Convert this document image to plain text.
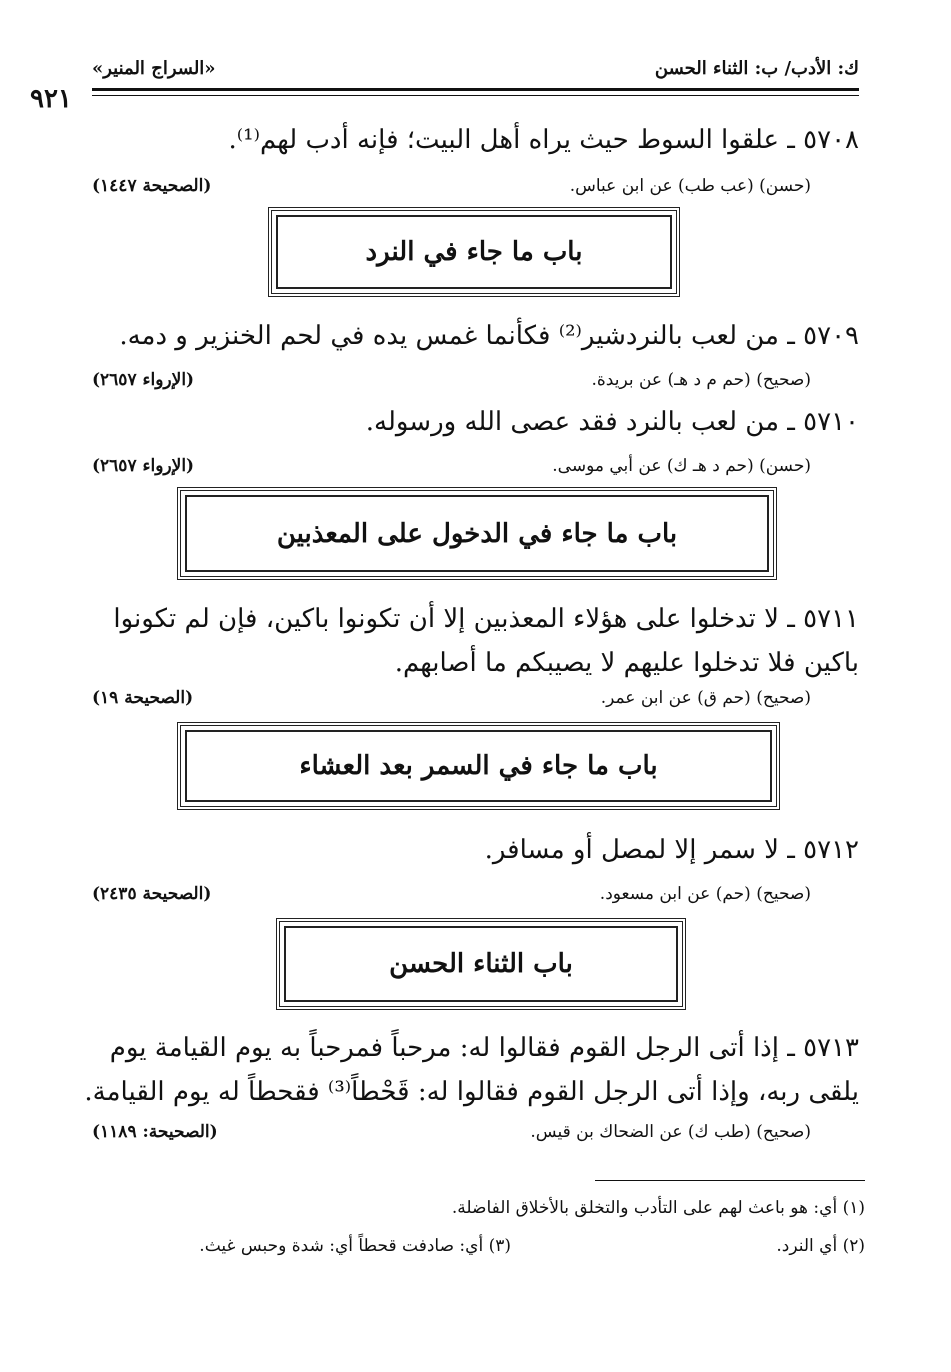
«السراج المنير»	ك: الأدب/ ب: الثناء الحسن
٩٢١
٥٧٠٨ ـ علقوا السوط حيث يراه أهل البيت؛ فإنه أدب لهم⁽¹⁾.
(حسن) (عب طب) عن ابن عباس.
(الصحيحة ١٤٤٧)
باب ما جاء في النرد
٥٧٠٩ ـ من لعب بالنردشير⁽²⁾ فكأنما غمس يده في لحم الخنزير و دمه.
(صحيح) (حم م د هـ) عن بريدة.
(الإرواء ٢٦٥٧)
٥٧١٠ ـ من لعب بالنرد فقد عصى الله ورسوله.
(حسن) (حم د هـ ك) عن أبي موسى.
(الإرواء ٢٦٥٧)
باب ما جاء في الدخول على المعذبين
٥٧١١ ـ لا تدخلوا على هؤلاء المعذبين إلا أن تكونوا باكين، فإن لم تكونوا باكين فلا تدخلوا عليهم لا يصيبكم ما أصابهم.
(صحيح) (حم ق) عن ابن عمر.
(الصحيحة ١٩)
باب ما جاء في السمر بعد العشاء
٥٧١٢ ـ لا سمر إلا لمصل أو مسافر.
(صحيح) (حم) عن ابن مسعود.
(الصحيحة ٢٤٣٥)
باب الثناء الحسن
٥٧١٣ ـ إذا أتى الرجل القوم فقالوا له: مرحباً فمرحباً به يوم القيامة يوم يلقى ربه، وإذا أتى الرجل القوم فقالوا له: قَحْطاً⁽³⁾ فقحطاً له يوم القيامة.
(صحيح) (طب ك) عن الضحاك بن قيس.
(الصحيحة: ١١٨٩)
(١) أي: هو باعث لهم على التأدب والتخلق بالأخلاق الفاضلة.
(٢) أي النرد.
(٣) أي: صادفت قحطاً أي: شدة وحبس غيث.
